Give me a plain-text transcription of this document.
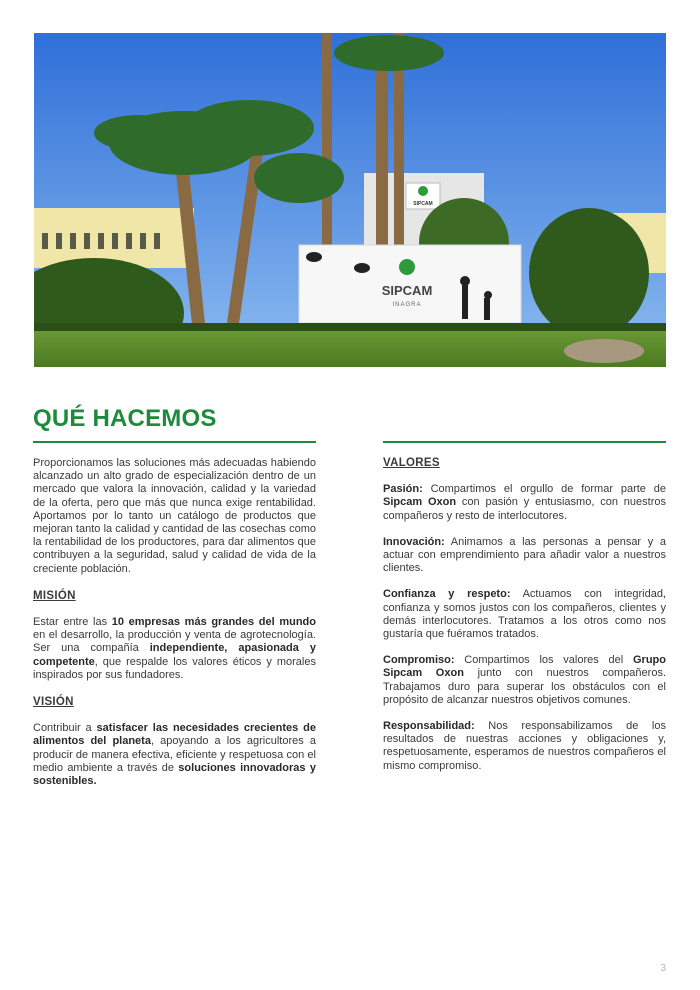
SIPCAM
SIPCAM
INAGRA
QUÉ HACEMOS

Proporcionamos las soluciones más adecuadas habiendo alcanzado un alto grado de especialización dentro de un mercado que valora la innovación, calidad y la variedad de la oferta, pero que más que nunca exige rentabilidad. Aportamos por lo tanto un catálogo de productos que mejoran tanto la calidad y cantidad de las cosechas como la rentabilidad de los productores, para dar alimentos que contribuyen a la seguridad, salud y calidad de vida de la creciente población.

MISIÓN

Estar entre las 10 empresas más grandes del mundo en el desarrollo, la producción y venta de agrotecnología. Ser una compañía independiente, apasionada y competente, que respalde los valores éticos y morales inspirados por sus fundadores.

VISIÓN

Contribuir a satisfacer las necesidades crecientes de alimentos del planeta, apoyando a los agricultores a producir de manera efectiva, eficiente y respetuosa con el medio ambiente a través de soluciones innovadoras y sostenibles.

VALORES

Pasión: Compartimos el orgullo de formar parte de Sipcam Oxon con pasión y entusiasmo, con nuestros compañeros y resto de interlocutores.

Innovación: Animamos a las personas a pensar y a actuar con emprendimiento para añadir valor a nuestros clientes.

Confianza y respeto: Actuamos con integridad, confianza y somos justos con los compañeros, clientes y demás interlocutores. Tratamos a los otros como nos gustaría que fuéramos tratados.

Compromiso: Compartimos los valores del Grupo Sipcam Oxon junto con nuestros compañeros. Trabajamos duro para superar los obstáculos con el propósito de alcanzar nuestros objetivos comunes.

Responsabilidad: Nos responsabilizamos de los resultados de nuestras acciones y obligaciones y, respetuosamente, esperamos de nuestros compañeros el mismo compromiso.

3
